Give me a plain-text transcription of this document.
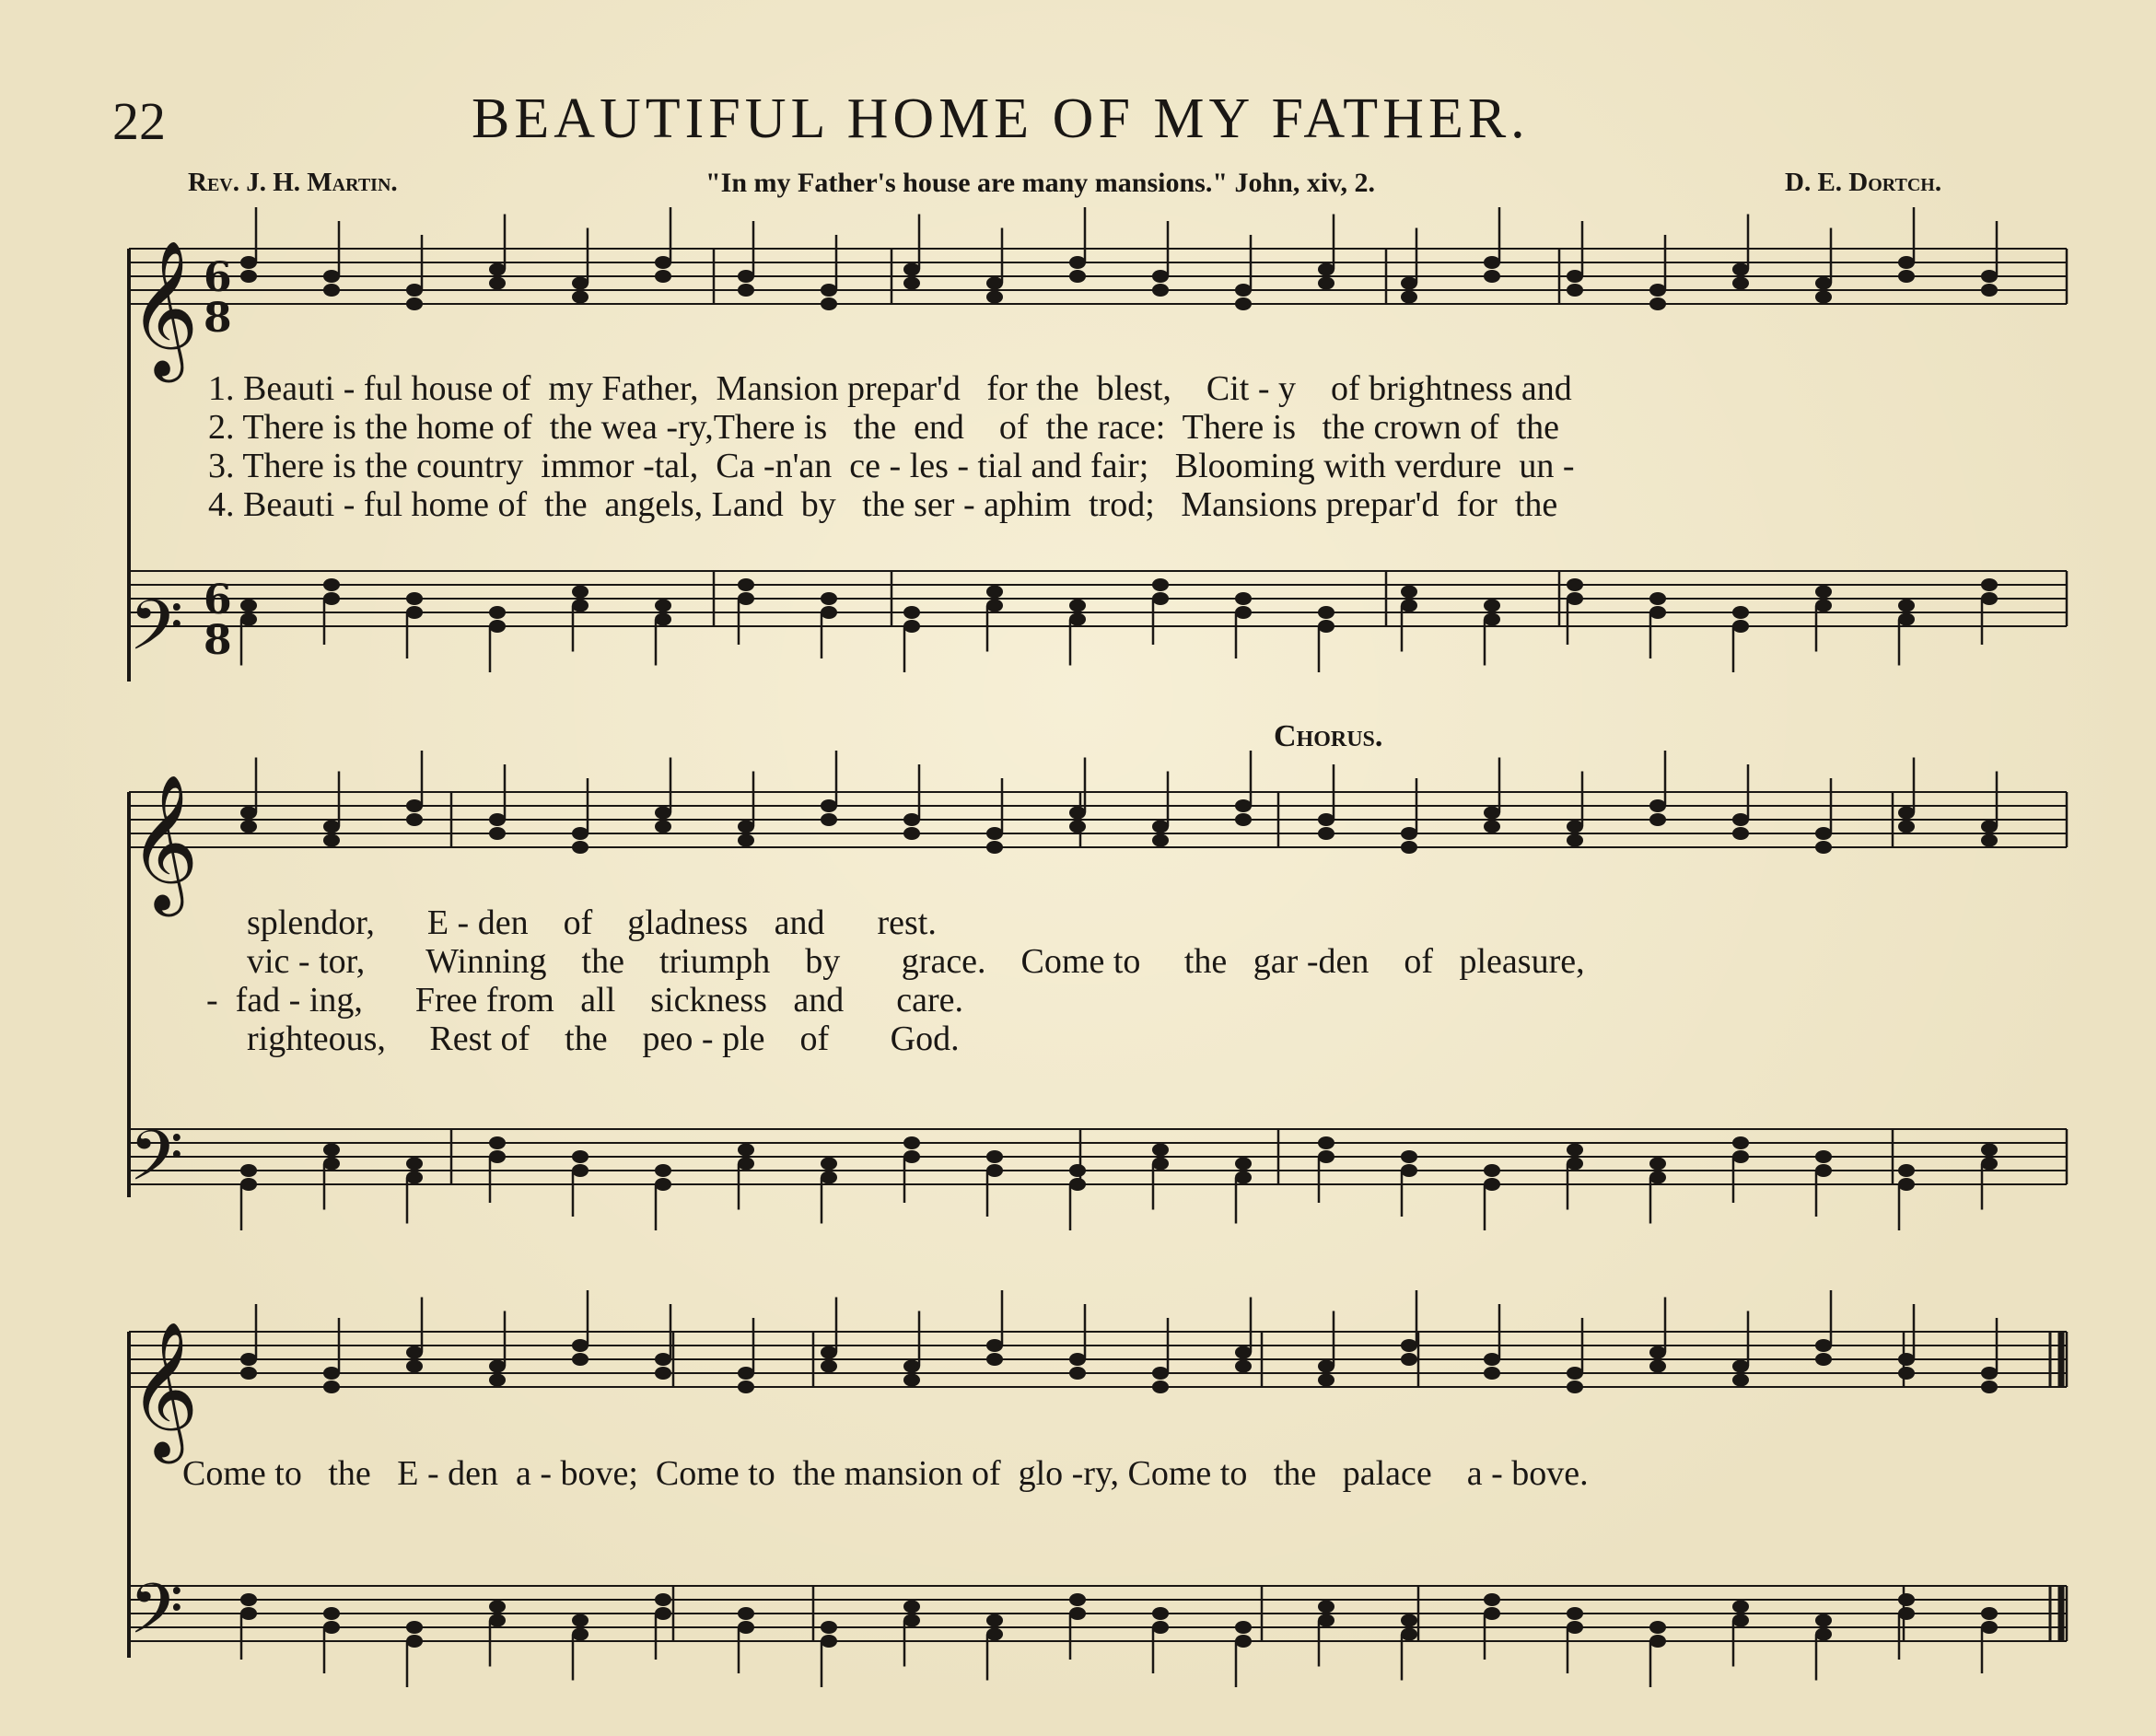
22	BEAUTIFUL HOME OF MY FATHER.
Rev. J. H. Martin.	"In my Father's house are many mansions." John, xiv, 2.	D. E. Dortch.
𝄞
𝄢
𝄞
𝄢
𝄞
𝄢
6
8
6
8
1. Beauti - ful house of  my Father,  Mansion prepar'd   for the  blest,    Cit - y    of brightness and
2. There is the home of  the wea -ry,There is   the  end    of  the race:  There is   the crown of  the
3. There is the country  immor -tal,  Ca -n'an  ce - les - tial and fair;   Blooming with verdure  un -
4. Beauti - ful home of  the  angels, Land  by   the ser - aphim  trod;   Mansions prepar'd  for  the
Chorus.
splendor,      E - den    of    gladness   and      rest.
vic - tor,       Winning    the    triumph    by       grace.    Come to     the   gar -den    of   pleasure,
-  fad - ing,      Free from   all    sickness   and      care.
righteous,     Rest of    the    peo - ple    of       God.
Come to   the   E - den  a - bove;  Come to  the mansion of  glo -ry, Come to   the   palace    a - bove.
